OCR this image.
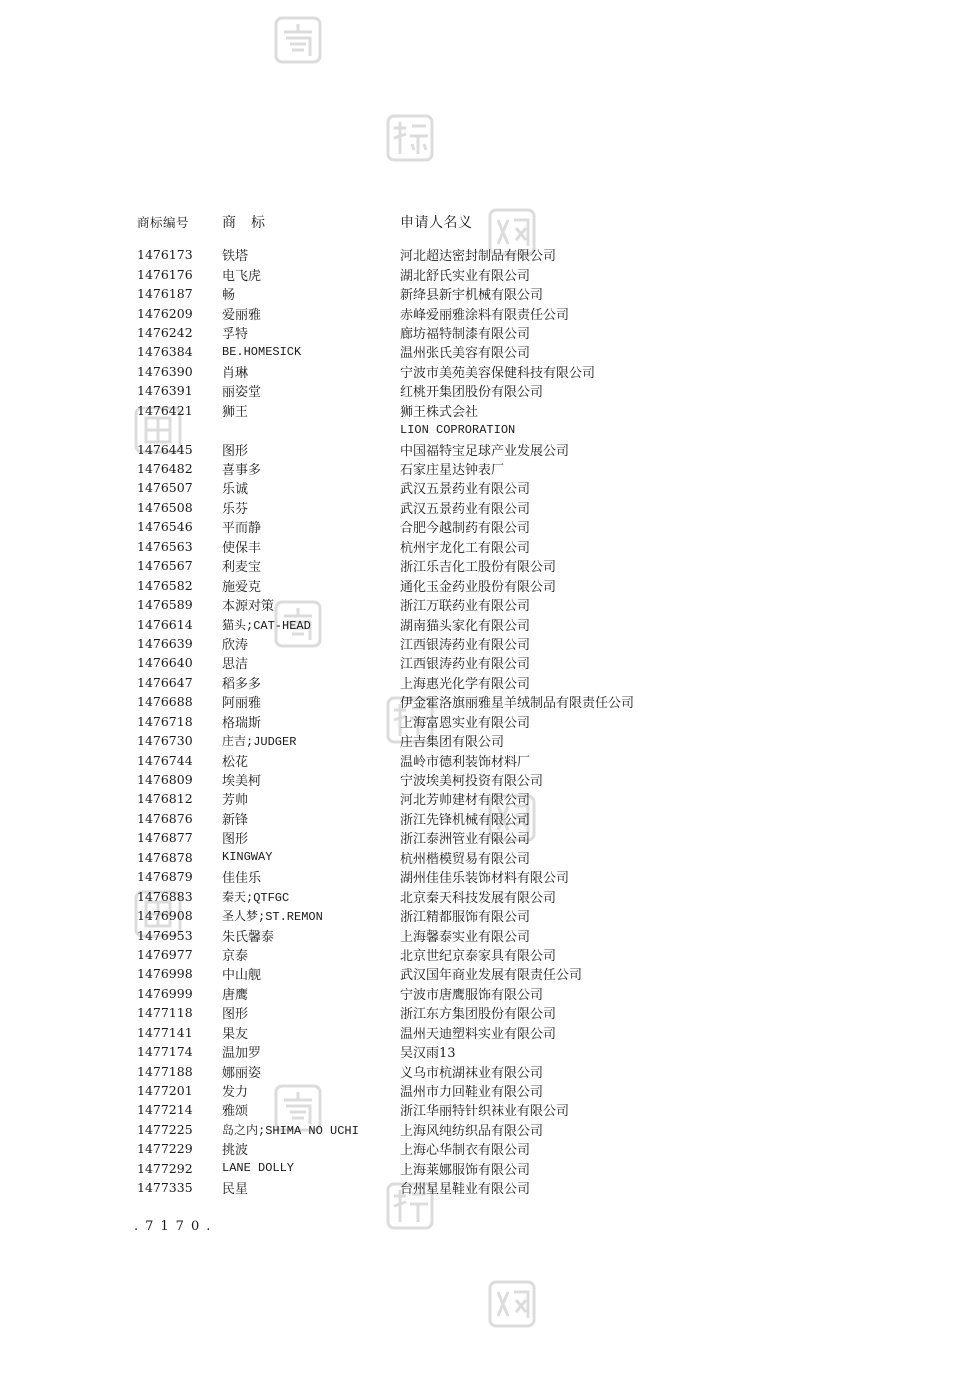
商标编号	商　标	申请人名义
1476173	铁塔	河北超达密封制品有限公司
1476176	电飞虎	湖北舒氏实业有限公司
1476187	畅	新绛县新宇机械有限公司
1476209	爱丽雅	赤峰爱丽雅涂料有限责任公司
1476242	孚特	廊坊福特制漆有限公司
1476384	BE.HOMESICK	温州张氏美容有限公司
1476390	肖琳	宁波市美苑美容保健科技有限公司
1476391	丽姿堂	红桃开集团股份有限公司
1476421	狮王	狮王株式会社
LION COPRORATION
1476445	图形	中国福特宝足球产业发展公司
1476482	喜事多	石家庄星达钟表厂
1476507	乐诚	武汉五景药业有限公司
1476508	乐芬	武汉五景药业有限公司
1476546	平而静	合肥今越制药有限公司
1476563	使保丰	杭州宇龙化工有限公司
1476567	利麦宝	浙江乐吉化工股份有限公司
1476582	施爱克	通化玉金药业股份有限公司
1476589	本源对策	浙江万联药业有限公司
1476614	猫头;CAT-HEAD	湖南猫头家化有限公司
1476639	欣涛	江西银涛药业有限公司
1476640	思洁	江西银涛药业有限公司
1476647	稻多多	上海惠光化学有限公司
1476688	阿丽雅	伊金霍洛旗丽雅星羊绒制品有限责任公司
1476718	格瑞斯	上海富恩实业有限公司
1476730	庄吉;JUDGER	庄吉集团有限公司
1476744	松花	温岭市德利装饰材料厂
1476809	埃美柯	宁波埃美柯投资有限公司
1476812	芳帅	河北芳帅建材有限公司
1476876	新锋	浙江先锋机械有限公司
1476877	图形	浙江泰洲管业有限公司
1476878	KINGWAY	杭州楷模贸易有限公司
1476879	佳佳乐	湖州佳佳乐装饰材料有限公司
1476883	秦天;QTFGC	北京秦天科技发展有限公司
1476908	圣人梦;ST.REMON	浙江精都服饰有限公司
1476953	朱氏馨泰	上海馨泰实业有限公司
1476977	京泰	北京世纪京泰家具有限公司
1476998	中山舰	武汉国年商业发展有限责任公司
1476999	唐鹰	宁波市唐鹰服饰有限公司
1477118	图形	浙江东方集团股份有限公司
1477141	果友	温州天迪塑料实业有限公司
1477174	温加罗	吴汉雨13
1477188	娜丽姿	义乌市杭湖袜业有限公司
1477201	发力	温州市力回鞋业有限公司
1477214	雅颂	浙江华丽特针织袜业有限公司
1477225	岛之内;SHIMA NO UCHI	上海风纯纺织品有限公司
1477229	挑波	上海心华制衣有限公司
1477292	LANE DOLLY	上海莱娜服饰有限公司
1477335	民星	台州星星鞋业有限公司
.7170.
